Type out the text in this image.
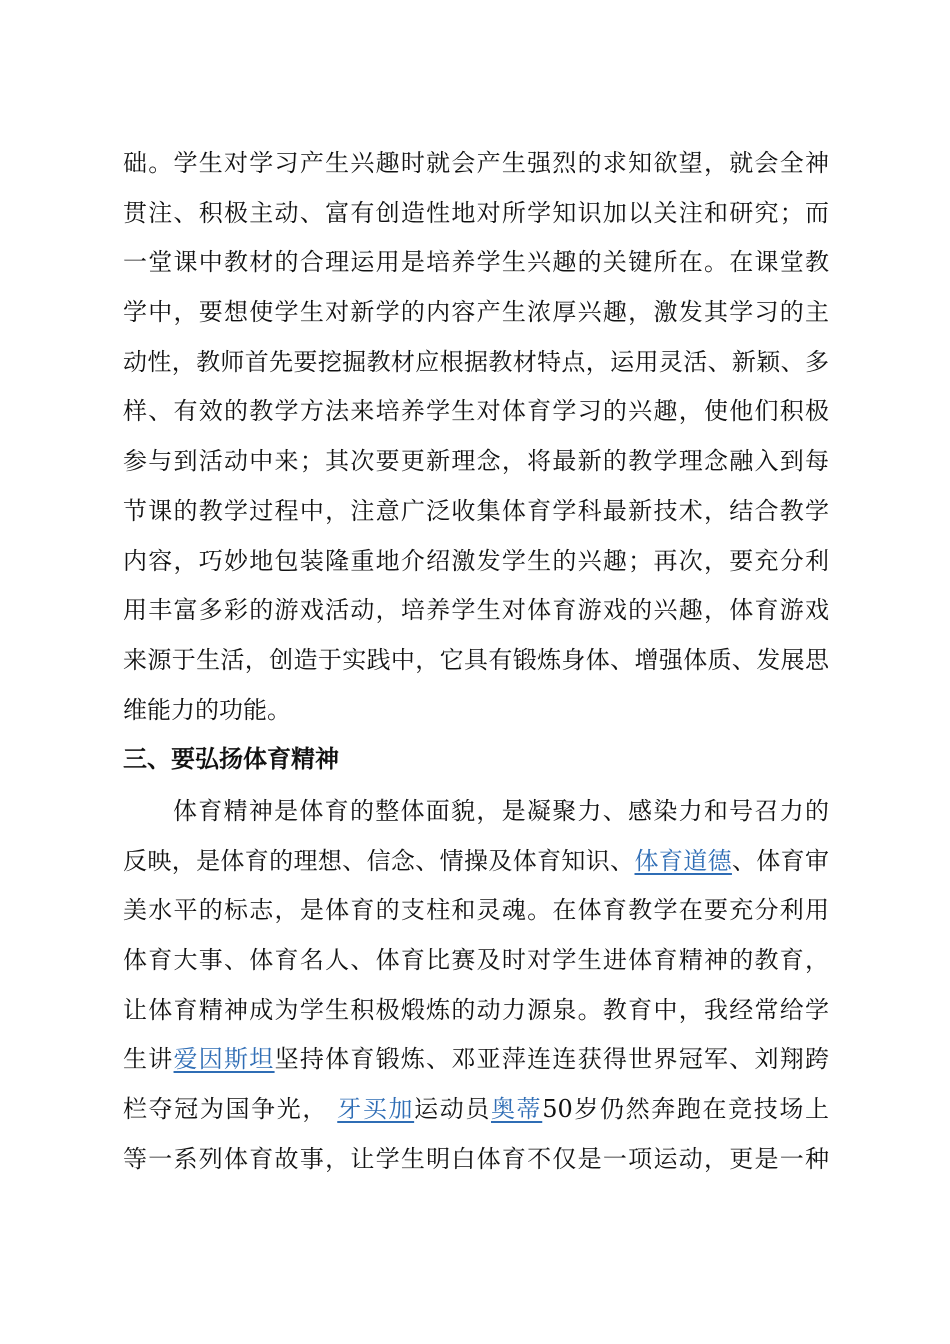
础。学生对学习产生兴趣时就会产生强烈的求知欲望，就会全神
贯注、积极主动、富有创造性地对所学知识加以关注和研究；而
一堂课中教材的合理运用是培养学生兴趣的关键所在。在课堂教
学中，要想使学生对新学的内容产生浓厚兴趣，激发其学习的主
动性，教师首先要挖掘教材应根据教材特点，运用灵活、新颖、多
样、有效的教学方法来培养学生对体育学习的兴趣，使他们积极
参与到活动中来；其次要更新理念，将最新的教学理念融入到每
节课的教学过程中，注意广泛收集体育学科最新技术，结合教学
内容，巧妙地包装隆重地介绍激发学生的兴趣；再次，要充分利
用丰富多彩的游戏活动，培养学生对体育游戏的兴趣，体育游戏
来源于生活，创造于实践中，它具有锻炼身体、增强体质、发展思
维能力的功能。
三、要弘扬体育精神
体育精神是体育的整体面貌，是凝聚力、感染力和号召力的
反映，是体育的理想、信念、情操及体育知识、体育道德、体育审
美水平的标志，是体育的支柱和灵魂。在体育教学在要充分利用
体育大事、体育名人、体育比赛及时对学生进体育精神的教育，
让体育精神成为学生积极煅炼的动力源泉。教育中，我经常给学
生讲爱因斯坦坚持体育锻炼、邓亚萍连连获得世界冠军、刘翔跨
栏夺冠为国争光， 牙买加运动员奥蒂50岁仍然奔跑在竞技场上
等一系列体育故事，让学生明白体育不仅是一项运动，更是一种
